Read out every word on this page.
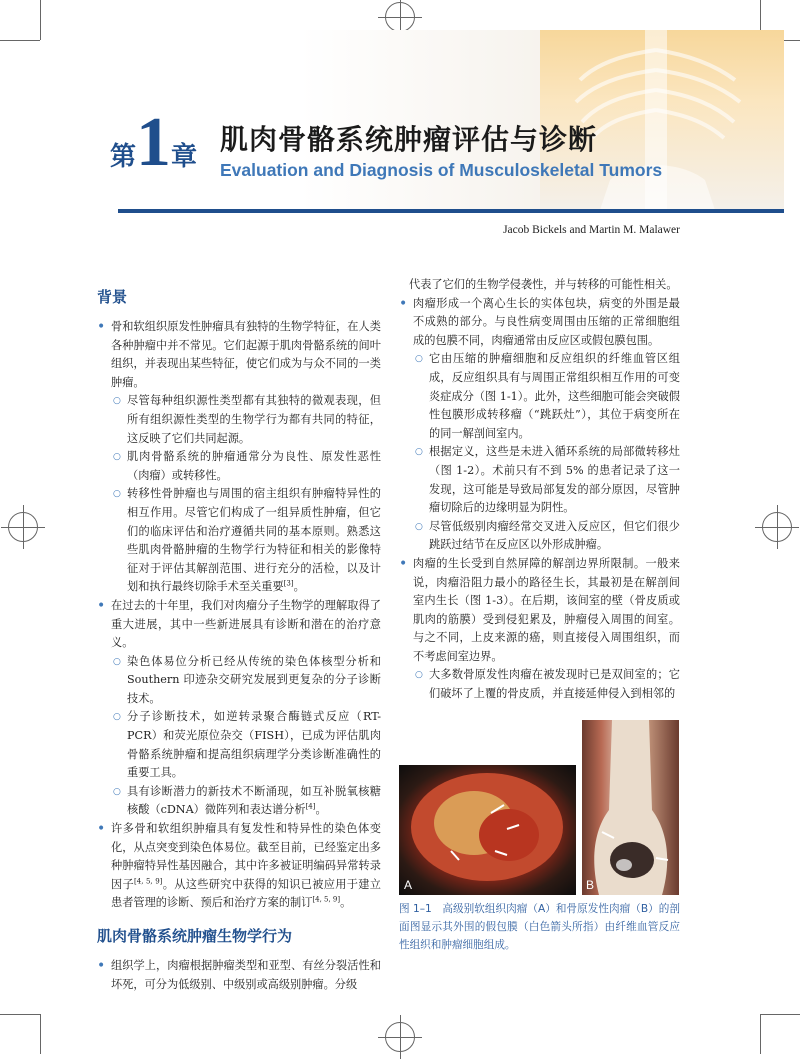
第1章
肌肉骨骼系统肿瘤评估与诊断
Evaluation and Diagnosis of Musculoskeletal Tumors
Jacob Bickels and Martin M. Malawer

背景

• 骨和软组织原发性肿瘤具有独特的生物学特征，在人类各种肿瘤中并不常见。它们起源于肌肉骨骼系统的间叶组织，并表现出某些特征，使它们成为与众不同的一类肿瘤。

○ 尽管每种组织源性类型都有其独特的微观表现，但所有组织源性类型的生物学行为都有共同的特征，这反映了它们共同起源。

○ 肌肉骨骼系统的肿瘤通常分为良性、原发性恶性（肉瘤）或转移性。

○ 转移性骨肿瘤也与周围的宿主组织有肿瘤特异性的相互作用。尽管它们构成了一组异质性肿瘤，但它们的临床评估和治疗遵循共同的基本原则。熟悉这些肌肉骨骼肿瘤的生物学行为特征和相关的影像特征对于评估其解剖范围、进行充分的活检，以及计划和执行最终切除手术至关重要[3]。

• 在过去的十年里，我们对肉瘤分子生物学的理解取得了重大进展，其中一些新进展具有诊断和潜在的治疗意义。

○ 染色体易位分析已经从传统的染色体核型分析和Southern 印迹杂交研究发展到更复杂的分子诊断技术。

○ 分子诊断技术，如逆转录聚合酶链式反应（RT-PCR）和荧光原位杂交（FISH），已成为评估肌肉骨骼系统肿瘤和提高组织病理学分类诊断准确性的重要工具。

○ 具有诊断潜力的新技术不断涌现，如互补脱氧核糖核酸（cDNA）微阵列和表达谱分析[4]。

• 许多骨和软组织肿瘤具有复发性和特异性的染色体变化，从点突变到染色体易位。截至目前，已经鉴定出多种肿瘤特异性基因融合，其中许多被证明编码异常转录因子[4, 5, 9]。从这些研究中获得的知识已被应用于建立患者管理的诊断、预后和治疗方案的制订[4, 5, 9]。

肌肉骨骼系统肿瘤生物学行为

• 组织学上，肉瘤根据肿瘤类型和亚型、有丝分裂活性和坏死，可分为低级别、中级别或高级别肿瘤。分级

代表了它们的生物学侵袭性，并与转移的可能性相关。

• 肉瘤形成一个离心生长的实体包块，病变的外围是最不成熟的部分。与良性病变周围由压缩的正常细胞组成的包膜不同，肉瘤通常由反应区或假包膜包围。

○ 它由压缩的肿瘤细胞和反应组织的纤维血管区组成，反应组织具有与周围正常组织相互作用的可变炎症成分（图 1-1）。此外，这些细胞可能会突破假性包膜形成转移瘤（“跳跃灶”），其位于病变所在的同一解剖间室内。

○ 根据定义，这些是未进入循环系统的局部微转移灶（图 1-2）。术前只有不到 5% 的患者记录了这一发现，这可能是导致局部复发的部分原因，尽管肿瘤切除后的边缘明显为阴性。

○ 尽管低级别肉瘤经常交叉进入反应区，但它们很少跳跃过结节在反应区以外形成肿瘤。

• 肉瘤的生长受到自然屏障的解剖边界所限制。一般来说，肉瘤沿阻力最小的路径生长，其最初是在解剖间室内生长（图 1-3）。在后期，该间室的壁（骨皮质或肌肉的筋膜）受到侵犯累及，肿瘤侵入周围的间室。与之不同，上皮来源的癌，则直接侵入周围组织，而不考虑间室边界。

○ 大多数骨原发性肉瘤在被发现时已是双间室的；它们破坏了上覆的骨皮质，并直接延伸侵入到相邻的

A	B
图 1–1　高级别软组织肉瘤（A）和骨原发性肉瘤（B）的剖面图显示其外围的假包膜（白色箭头所指）由纤维血管反应性组织和肿瘤细胞组成。
